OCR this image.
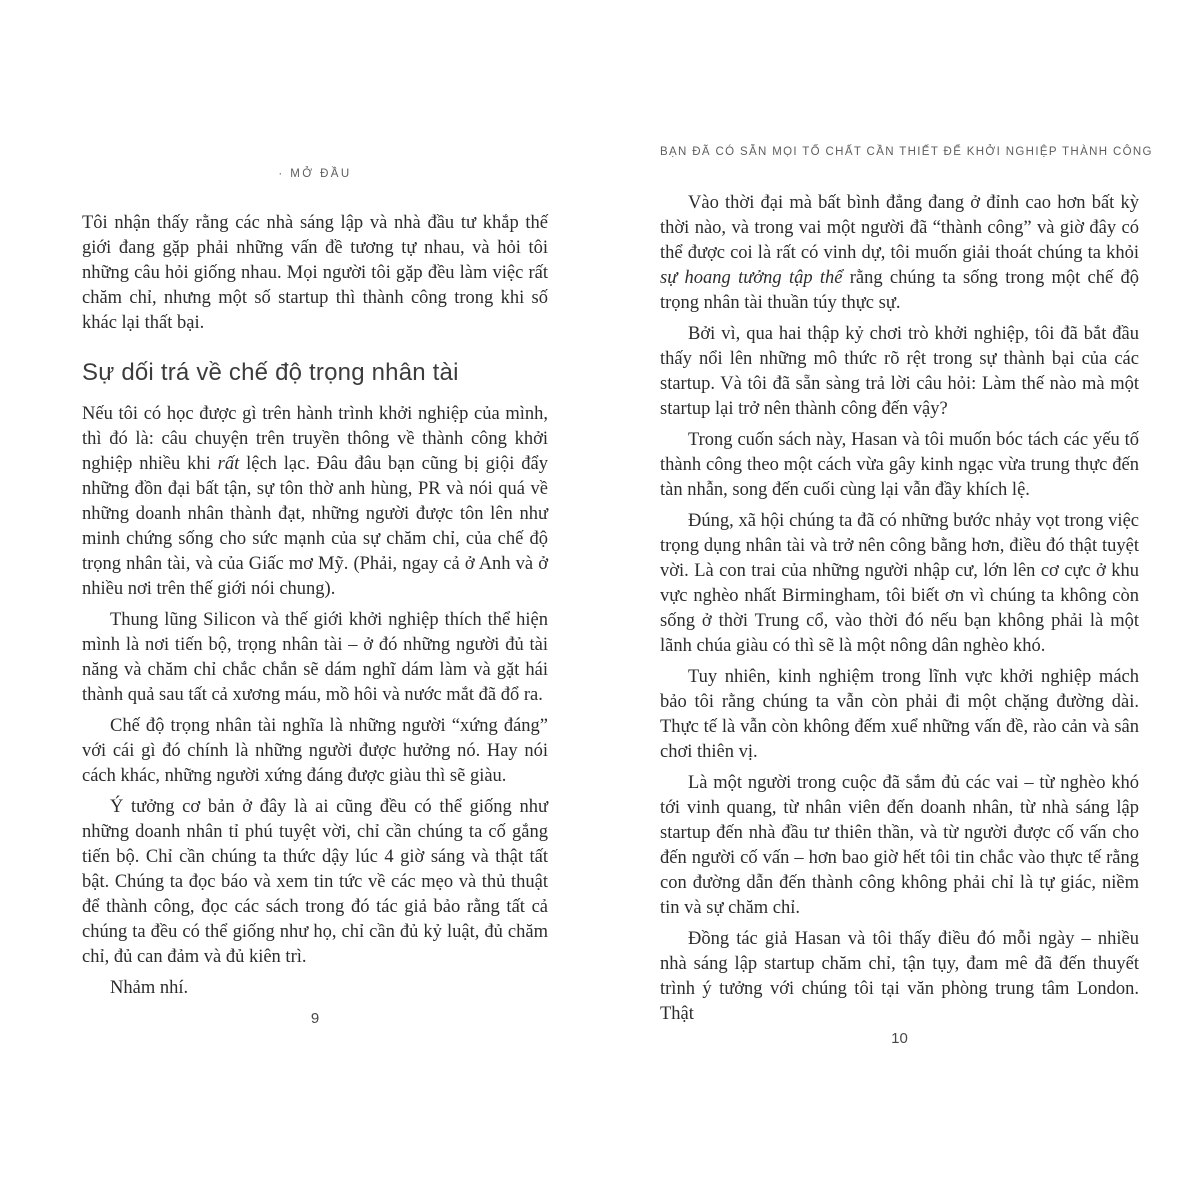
· MỞ ĐẦU

Tôi nhận thấy rằng các nhà sáng lập và nhà đầu tư khắp thế giới đang gặp phải những vấn đề tương tự nhau, và hỏi tôi những câu hỏi giống nhau. Mọi người tôi gặp đều làm việc rất chăm chỉ, nhưng một số startup thì thành công trong khi số khác lại thất bại.

Sự dối trá về chế độ trọng nhân tài

Nếu tôi có học được gì trên hành trình khởi nghiệp của mình, thì đó là: câu chuyện trên truyền thông về thành công khởi nghiệp nhiều khi rất lệch lạc. Đâu đâu bạn cũng bị giội đẩy những đồn đại bất tận, sự tôn thờ anh hùng, PR và nói quá về những doanh nhân thành đạt, những người được tôn lên như minh chứng sống cho sức mạnh của sự chăm chỉ, của chế độ trọng nhân tài, và của Giấc mơ Mỹ. (Phải, ngay cả ở Anh và ở nhiều nơi trên thế giới nói chung).

Thung lũng Silicon và thế giới khởi nghiệp thích thể hiện mình là nơi tiến bộ, trọng nhân tài – ở đó những người đủ tài năng và chăm chỉ chắc chắn sẽ dám nghĩ dám làm và gặt hái thành quả sau tất cả xương máu, mồ hôi và nước mắt đã đổ ra.

Chế độ trọng nhân tài nghĩa là những người “xứng đáng” với cái gì đó chính là những người được hưởng nó. Hay nói cách khác, những người xứng đáng được giàu thì sẽ giàu.

Ý tưởng cơ bản ở đây là ai cũng đều có thể giống như những doanh nhân tỉ phú tuyệt vời, chỉ cần chúng ta cố gắng tiến bộ. Chỉ cần chúng ta thức dậy lúc 4 giờ sáng và thật tất bật. Chúng ta đọc báo và xem tin tức về các mẹo và thủ thuật để thành công, đọc các sách trong đó tác giả bảo rằng tất cả chúng ta đều có thể giống như họ, chỉ cần đủ kỷ luật, đủ chăm chỉ, đủ can đảm và đủ kiên trì.

Nhảm nhí.

BẠN ĐÃ CÓ SẴN MỌI TỐ CHẤT CẦN THIẾT ĐỂ KHỞI NGHIỆP THÀNH CÔNG

Vào thời đại mà bất bình đẳng đang ở đỉnh cao hơn bất kỳ thời nào, và trong vai một người đã “thành công” và giờ đây có thể được coi là rất có vinh dự, tôi muốn giải thoát chúng ta khỏi sự hoang tưởng tập thể rằng chúng ta sống trong một chế độ trọng nhân tài thuần túy thực sự.

Bởi vì, qua hai thập kỷ chơi trò khởi nghiệp, tôi đã bắt đầu thấy nổi lên những mô thức rõ rệt trong sự thành bại của các startup. Và tôi đã sẵn sàng trả lời câu hỏi: Làm thế nào mà một startup lại trở nên thành công đến vậy?

Trong cuốn sách này, Hasan và tôi muốn bóc tách các yếu tố thành công theo một cách vừa gây kinh ngạc vừa trung thực đến tàn nhẫn, song đến cuối cùng lại vẫn đầy khích lệ.

Đúng, xã hội chúng ta đã có những bước nhảy vọt trong việc trọng dụng nhân tài và trở nên công bằng hơn, điều đó thật tuyệt vời. Là con trai của những người nhập cư, lớn lên cơ cực ở khu vực nghèo nhất Birmingham, tôi biết ơn vì chúng ta không còn sống ở thời Trung cổ, vào thời đó nếu bạn không phải là một lãnh chúa giàu có thì sẽ là một nông dân nghèo khó.

Tuy nhiên, kinh nghiệm trong lĩnh vực khởi nghiệp mách bảo tôi rằng chúng ta vẫn còn phải đi một chặng đường dài. Thực tế là vẫn còn không đếm xuể những vấn đề, rào cản và sân chơi thiên vị.

Là một người trong cuộc đã sắm đủ các vai – từ nghèo khó tới vinh quang, từ nhân viên đến doanh nhân, từ nhà sáng lập startup đến nhà đầu tư thiên thần, và từ người được cố vấn cho đến người cố vấn – hơn bao giờ hết tôi tin chắc vào thực tế rằng con đường dẫn đến thành công không phải chỉ là tự giác, niềm tin và sự chăm chỉ.

Đồng tác giả Hasan và tôi thấy điều đó mỗi ngày – nhiều nhà sáng lập startup chăm chỉ, tận tụy, đam mê đã đến thuyết trình ý tưởng với chúng tôi tại văn phòng trung tâm London. Thật

9
10
